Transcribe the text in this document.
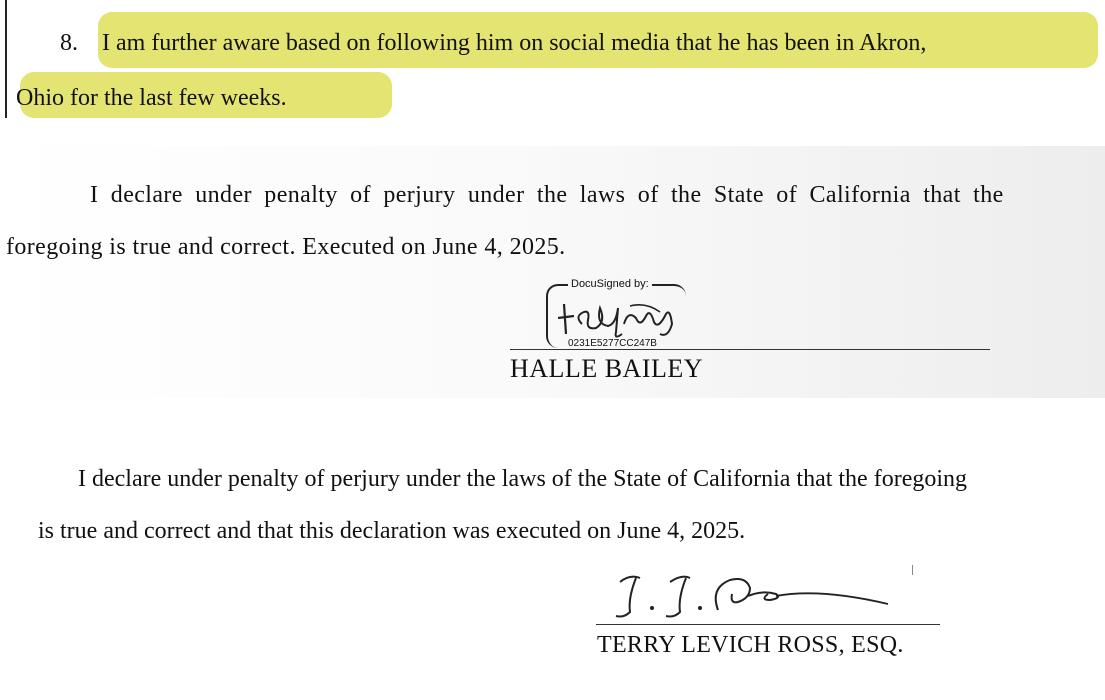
8. I am further aware based on following him on social media that he has been in Akron,
Ohio for the last few weeks.
I declare under penalty of perjury under the laws of the State of California that the
foregoing is true and correct. Executed on June 4, 2025.
DocuSigned by:
0231E5277CC247B
HALLE BAILEY
I declare under penalty of perjury under the laws of the State of California that the foregoing
is true and correct and that this declaration was executed on June 4, 2025.
TERRY LEVICH ROSS, ESQ.
